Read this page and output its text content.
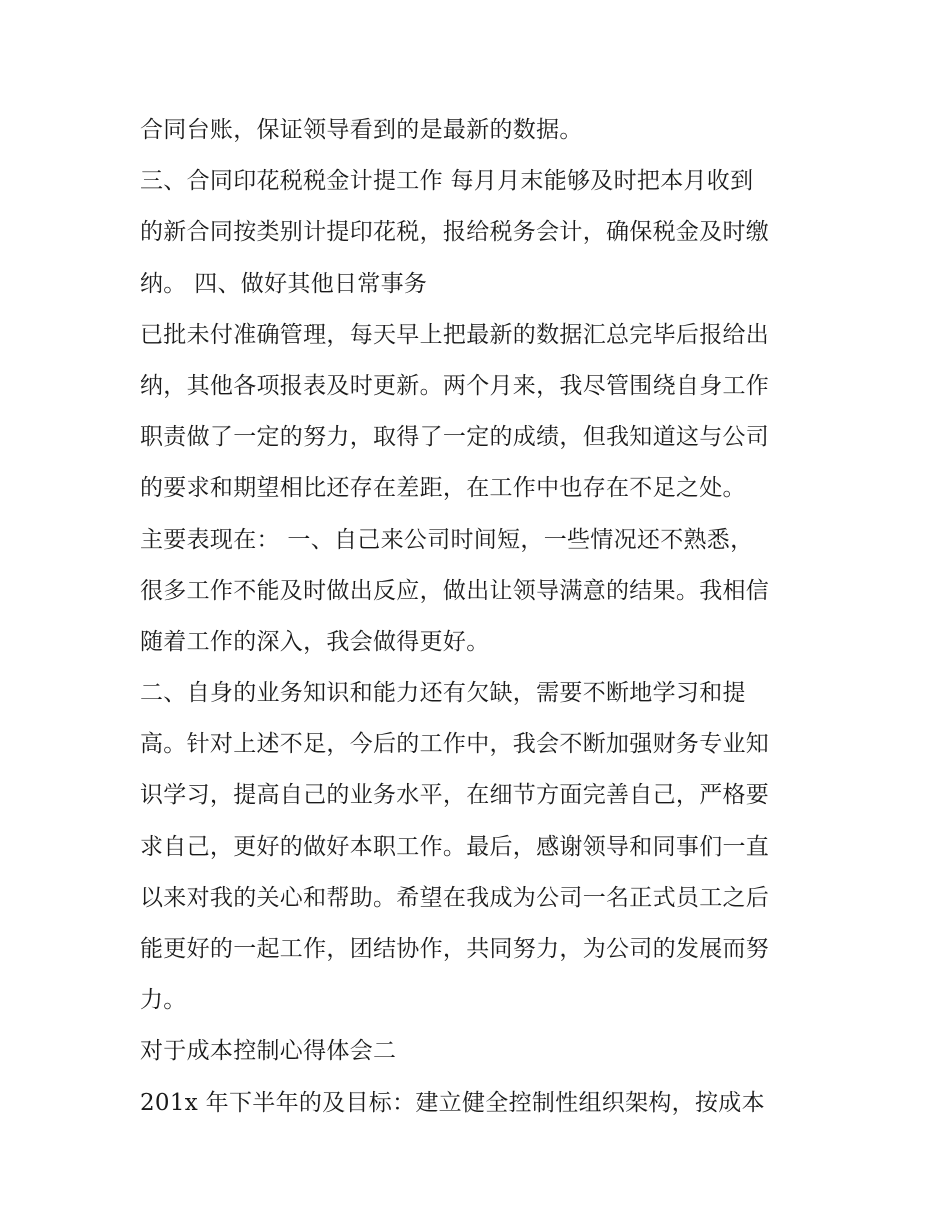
合同台账，保证领导看到的是最新的数据。
三、合同印花税税金计提工作 每月月末能够及时把本月收到
的新合同按类别计提印花税，报给税务会计，确保税金及时缴
纳。 四、做好其他日常事务
已批未付准确管理，每天早上把最新的数据汇总完毕后报给出
纳，其他各项报表及时更新。两个月来，我尽管围绕自身工作
职责做了一定的努力，取得了一定的成绩，但我知道这与公司
的要求和期望相比还存在差距，在工作中也存在不足之处。
主要表现在： 一、自己来公司时间短，一些情况还不熟悉，
很多工作不能及时做出反应，做出让领导满意的结果。我相信
随着工作的深入，我会做得更好。
二、自身的业务知识和能力还有欠缺，需要不断地学习和提
高。针对上述不足，今后的工作中，我会不断加强财务专业知
识学习，提高自己的业务水平，在细节方面完善自己，严格要
求自己，更好的做好本职工作。最后，感谢领导和同事们一直
以来对我的关心和帮助。希望在我成为公司一名正式员工之后
能更好的一起工作，团结协作，共同努力，为公司的发展而努
力。
对于成本控制心得体会二
201x 年下半年的及目标：建立健全控制性组织架构，按成本
